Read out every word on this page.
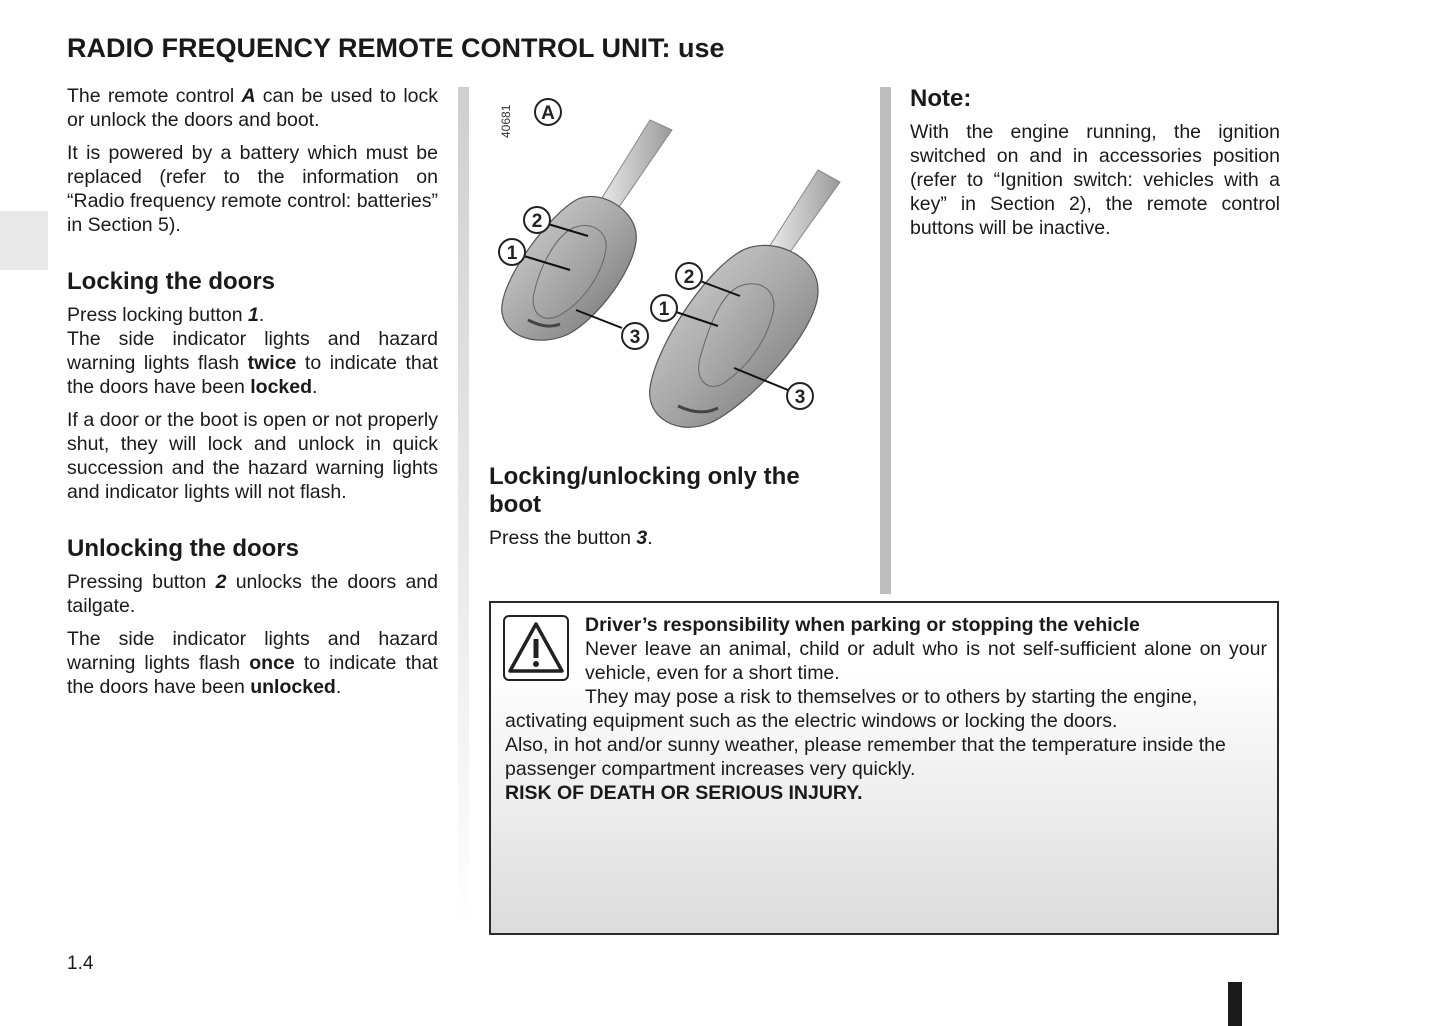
RADIO FREQUENCY REMOTE CONTROL UNIT: use

The remote control A can be used to lock or unlock the doors and boot.

It is powered by a battery which must be replaced (refer to the information on “Radio frequency remote control: batteries” in Section 5).

Locking the doors

Press locking button 1.
The side indicator lights and hazard warning lights flash twice to indicate that the doors have been locked.

If a door or the boot is open or not properly shut, they will lock and unlock in quick succession and the hazard warning lights and indicator lights will not flash.

Unlocking the doors

Pressing button 2 unlocks the doors and tailgate.

The side indicator lights and hazard warning lights flash once to indicate that the doors have been unlocked.

40681 A
2
1
3
2
1
3
Locking/unlocking only the boot

Press the button 3.

Note:

With the engine running, the ignition switched on and in accessories position (refer to “Ignition switch: vehicles with a key” in Section 2), the remote control buttons will be inactive.

Driver’s responsibility when parking or stopping the vehicle
Never leave an animal, child or adult who is not self-sufficient alone on your vehicle, even for a short time.
They may pose a risk to themselves or to others by starting the engine, activating equipment such as the electric windows or locking the doors.
Also, in hot and/or sunny weather, please remember that the temperature inside the passenger compartment increases very quickly.
RISK OF DEATH OR SERIOUS INJURY.
1.4
